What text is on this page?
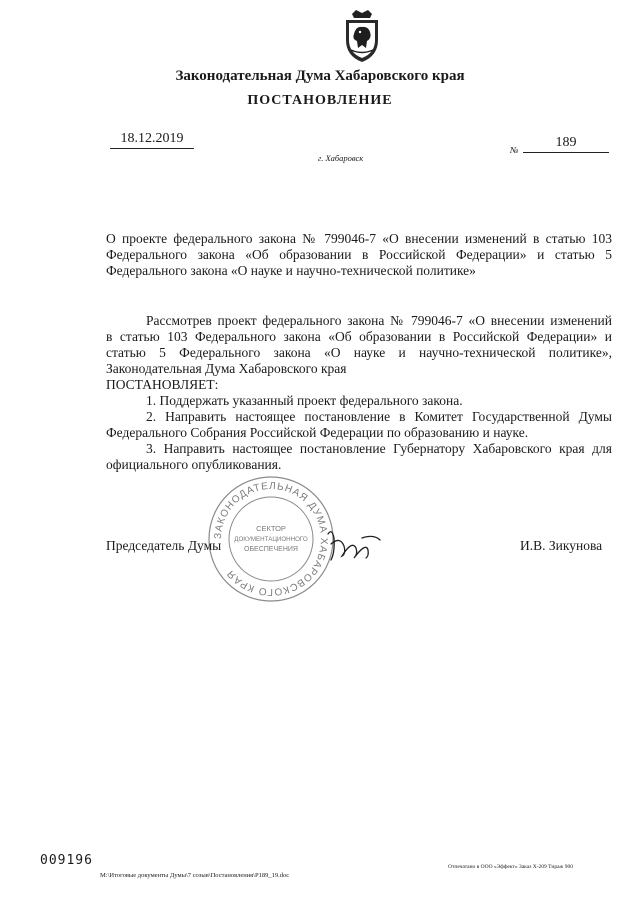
Законодательная Дума Хабаровского края
ПОСТАНОВЛЕНИЕ
18.12.2019
г. Хабаровск
№	189
О проекте федерального закона № 799046-7 «О внесении изменений в статью 103
Федерального закона «Об образовании в Российской Федерации» и статью 5
Федерального закона «О науке и научно-технической политике»
Рассмотрев проект федерального закона № 799046-7 «О внесении изменений
в статью 103 Федерального закона «Об образовании в Российской Федерации» и
статью 5 Федерального закона «О науке и научно-технической политике»,
Законодательная Дума Хабаровского края
ПОСТАНОВЛЯЕТ:
1. Поддержать указанный проект федерального закона.
2. Направить настоящее постановление в Комитет Государственной Думы
Федерального Собрания Российской Федерации по образованию и науке.
3. Направить настоящее постановление Губернатору Хабаровского края для
официального опубликования.
ЗАКОНОДАТЕЛЬНАЯ ДУМА ХАБАРОВСКОГО КРАЯ
СЕКТОР
ДОКУМЕНТАЦИОННОГО
ОБЕСПЕЧЕНИЯ
Председатель Думы	И.В. Зикунова
009196
М:\Итоговые документы Думы\7 созыв\Постановления\Р189_19.doc
Отпечатано в ООО «Эффект» Заказ Х-209 Тираж 900
